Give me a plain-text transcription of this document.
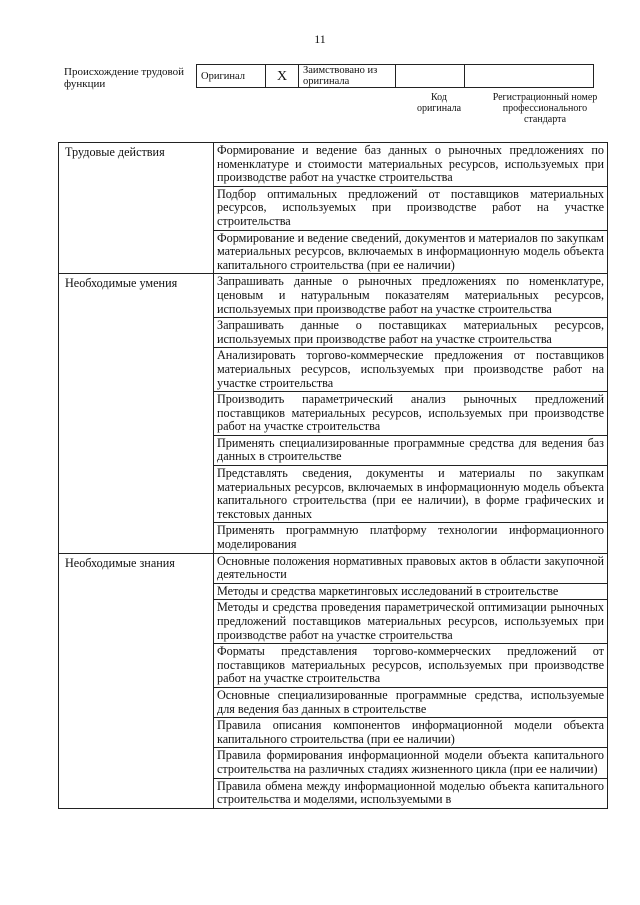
11
Происхождение трудовой функции
Оригинал	X	Заимствовано из оригинала		
Код оригинала
Регистрационный номер профессионального стандарта
Трудовые действия	Формирование и ведение баз данных о рыночных предложениях по номенклатуре и стоимости материальных ресурсов, используемых при производстве работ на участке строительства
	Подбор оптимальных предложений от поставщиков материальных ресурсов, используемых при производстве работ на участке строительства
	Формирование и ведение сведений, документов и материалов по закупкам материальных ресурсов, включаемых в информационную модель объекта капитального строительства (при ее наличии)
Необходимые умения	Запрашивать данные о рыночных предложениях по номенклатуре, ценовым и натуральным показателям материальных ресурсов, используемых при производстве работ на участке строительства
	Запрашивать данные о поставщиках материальных ресурсов, используемых при производстве работ на участке строительства
	Анализировать торгово-коммерческие предложения от поставщиков материальных ресурсов, используемых при производстве работ на участке строительства
	Производить параметрический анализ рыночных предложений поставщиков материальных ресурсов, используемых при производстве работ на участке строительства
	Применять специализированные программные средства для ведения баз данных в строительстве
	Представлять сведения, документы и материалы по закупкам материальных ресурсов, включаемых в информационную модель объекта капитального строительства (при ее наличии), в форме графических и текстовых данных
	Применять программную платформу технологии информационного моделирования
Необходимые знания	Основные положения нормативных правовых актов в области закупочной деятельности
	Методы и средства маркетинговых исследований в строительстве
	Методы и средства проведения параметрической оптимизации рыночных предложений поставщиков материальных ресурсов, используемых при производстве работ на участке строительства
	Форматы представления торгово-коммерческих предложений от поставщиков материальных ресурсов, используемых при производстве работ на участке строительства
	Основные специализированные программные средства, используемые для ведения баз данных в строительстве
	Правила описания компонентов информационной модели объекта капитального строительства (при ее наличии)
	Правила формирования информационной модели объекта капитального строительства на различных стадиях жизненного цикла (при ее наличии)
	Правила обмена между информационной моделью объекта капитального строительства и моделями, используемыми в
